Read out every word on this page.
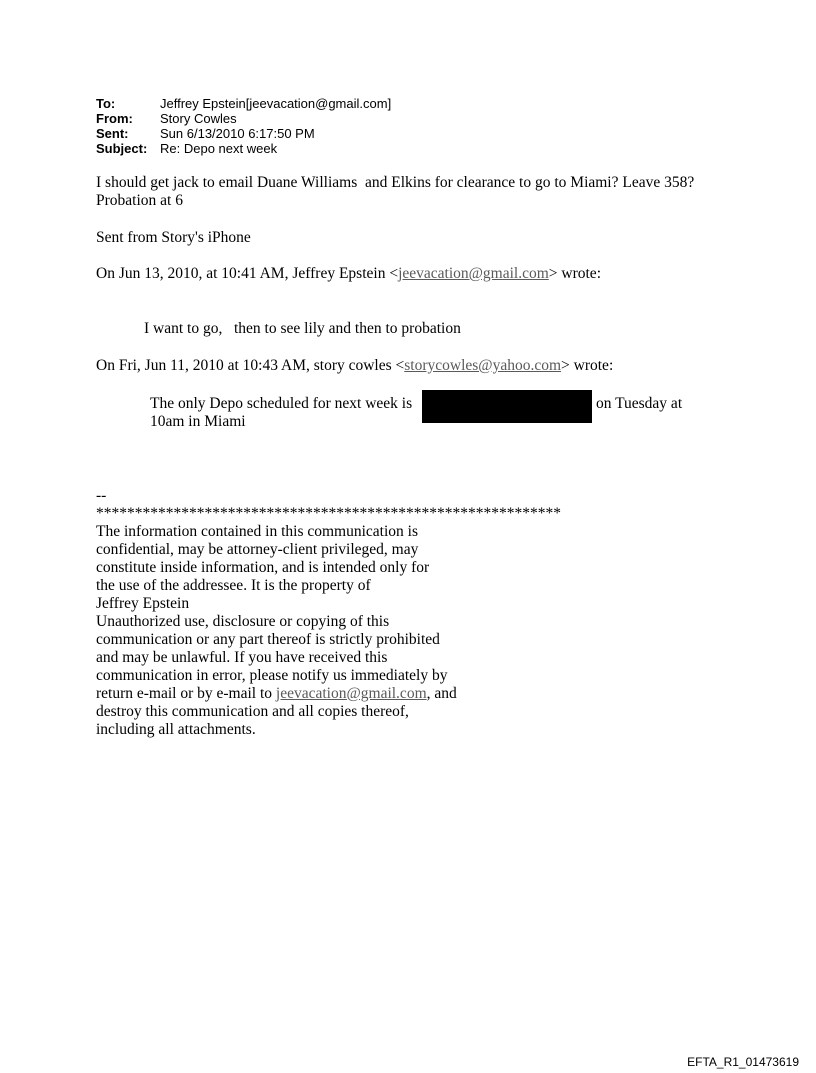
To:	Jeffrey Epstein[jeevacation@gmail.com]
From:	Story Cowles
Sent:	Sun 6/13/2010 6:17:50 PM
Subject: Re: Depo next week
I should get jack to email Duane Williams  and Elkins for clearance to go to Miami? Leave 358?
Probation at 6
Sent from Story's iPhone
On Jun 13, 2010, at 10:41 AM, Jeffrey Epstein <jeevacation@gmail.com> wrote:
I want to go,   then to see lily and then to probation
On Fri, Jun 11, 2010 at 10:43 AM, story cowles <storycowles@yahoo.com> wrote:
The only Depo scheduled for next week is	on Tuesday at
10am in Miami
--
************************************************************
The information contained in this communication is
confidential, may be attorney-client privileged, may
constitute inside information, and is intended only for
the use of the addressee. It is the property of
Jeffrey Epstein
Unauthorized use, disclosure or copying of this
communication or any part thereof is strictly prohibited
and may be unlawful. If you have received this
communication in error, please notify us immediately by
return e-mail or by e-mail to jeevacation@gmail.com, and
destroy this communication and all copies thereof,
including all attachments.
EFTA_R1_01473619
